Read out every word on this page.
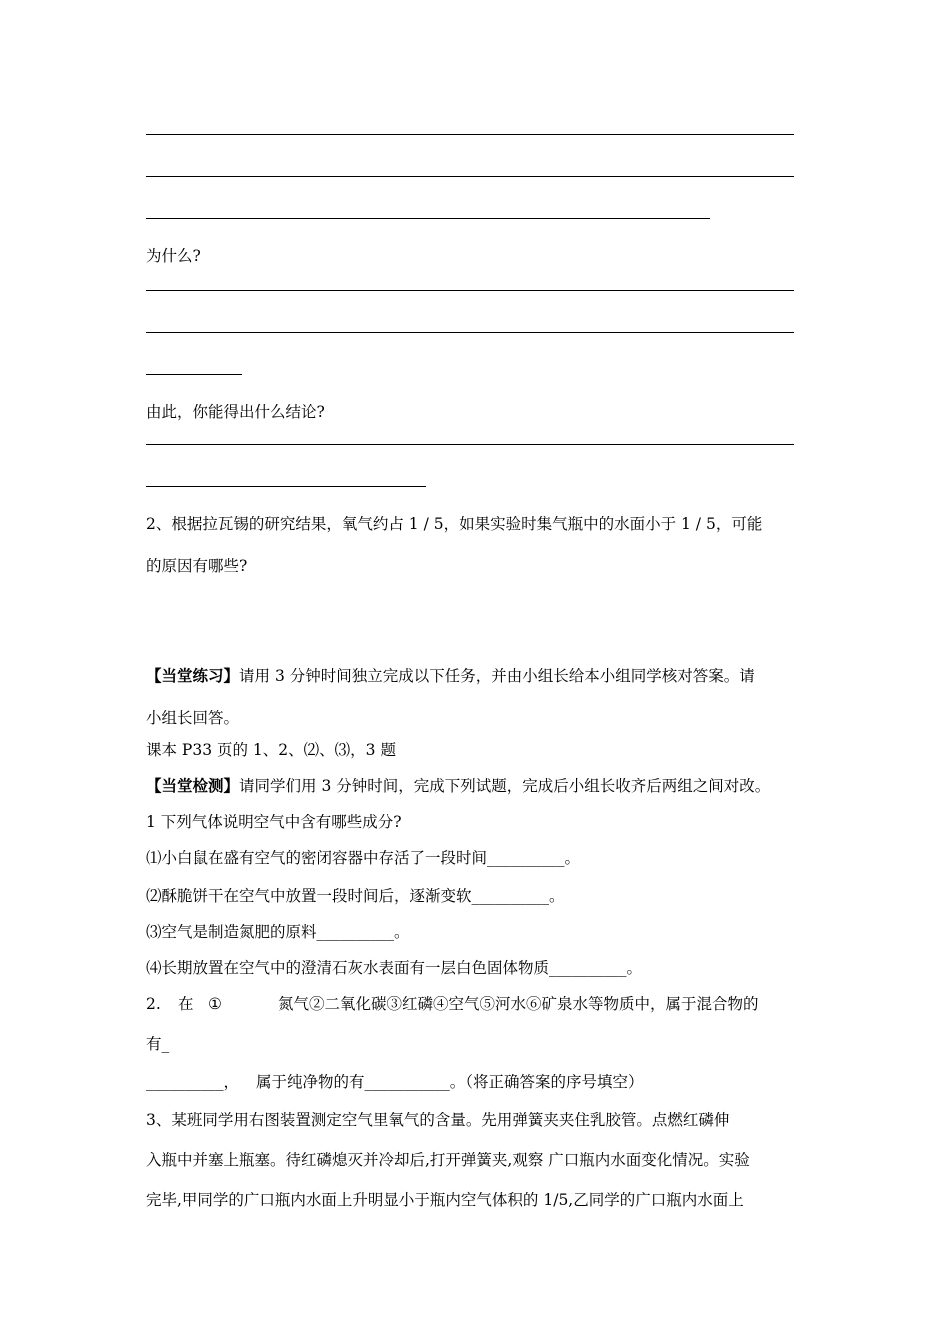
为什么?
由此，你能得出什么结论?
2、根据拉瓦锡的研究结果，氧气约占 1 / 5，如果实验时集气瓶中的水面小于 1 / 5，可能
的原因有哪些?
【当堂练习】请用 3 分钟时间独立完成以下任务，并由小组长给本小组同学核对答案。请
小组长回答。
课本 P33 页的 1、2、⑵、⑶，3 题
【当堂检测】请同学们用 3 分钟时间，完成下列试题，完成后小组长收齐后两组之间对改。
1 下列气体说明空气中含有哪些成分?
⑴小白鼠在盛有空气的密闭容器中存活了一段时间__________。
⑵酥脆饼干在空气中放置一段时间后，逐渐变软__________。
⑶空气是制造氮肥的原料__________。
⑷长期放置在空气中的澄清石灰水表面有一层白色固体物质__________。
2. 在 ①	氮气②二氧化碳③红磷④空气⑤河水⑥矿泉水等物质中，属于混合物的
有_
__________， 属于纯净物的有___________。（将正确答案的序号填空）
3、某班同学用右图装置测定空气里氧气的含量。先用弹簧夹夹住乳胶管。点燃红磷伸
入瓶中并塞上瓶塞。待红磷熄灭并冷却后,打开弹簧夹,观察 广口瓶内水面变化情况。实验
完毕,甲同学的广口瓶内水面上升明显小于瓶内空气体积的 1/5,乙同学的广口瓶内水面上
